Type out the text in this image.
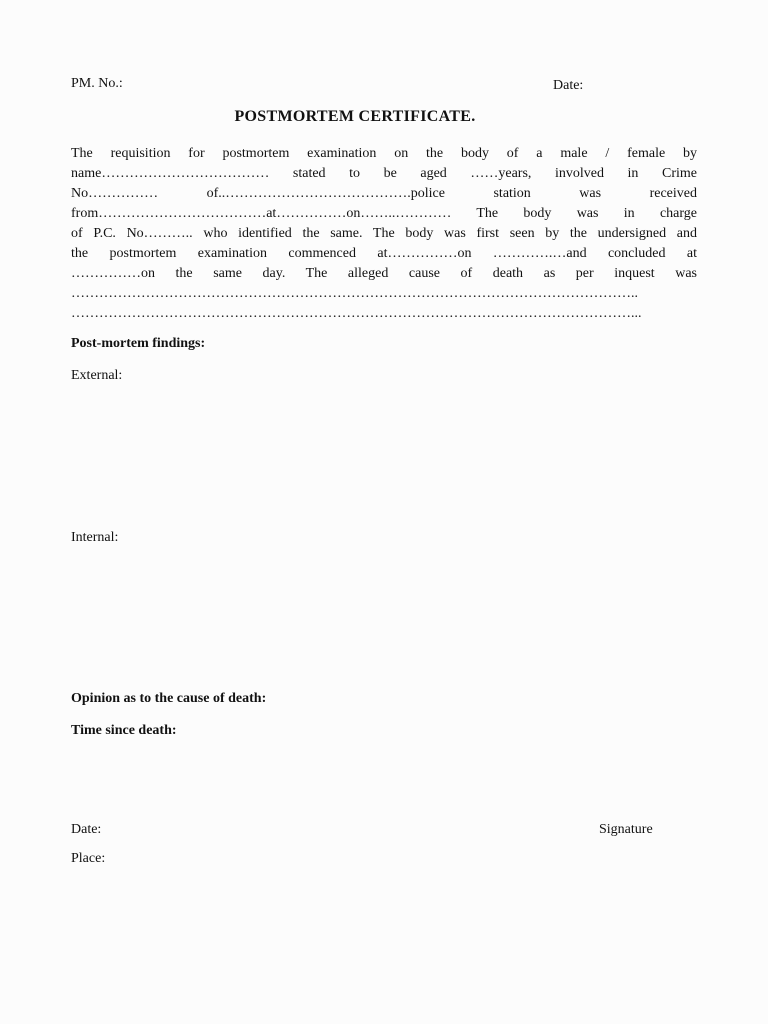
PM. No.:	Date:

POSTMORTEM CERTIFICATE.
The requisition for postmortem examination on the body of a male / female by
name……………………………… stated to be aged ……years, involved in Crime
No…………… of..………………………………….police station was received
from………………………………at……………on……..………… The body was in charge
of P.C. No……….. who identified the same. The body was first seen by the undersigned and
the postmortem examination commenced at……………on ………….…and concluded at
……………on the same day. The alleged cause of death as per inquest was
…………………………………………………………………………………………………………..
…………………………………………………………………………………………………………...

Post-mortem findings:

External:

Internal:

Opinion as to the cause of death:

Time since death:

Date:	Signature

Place:
